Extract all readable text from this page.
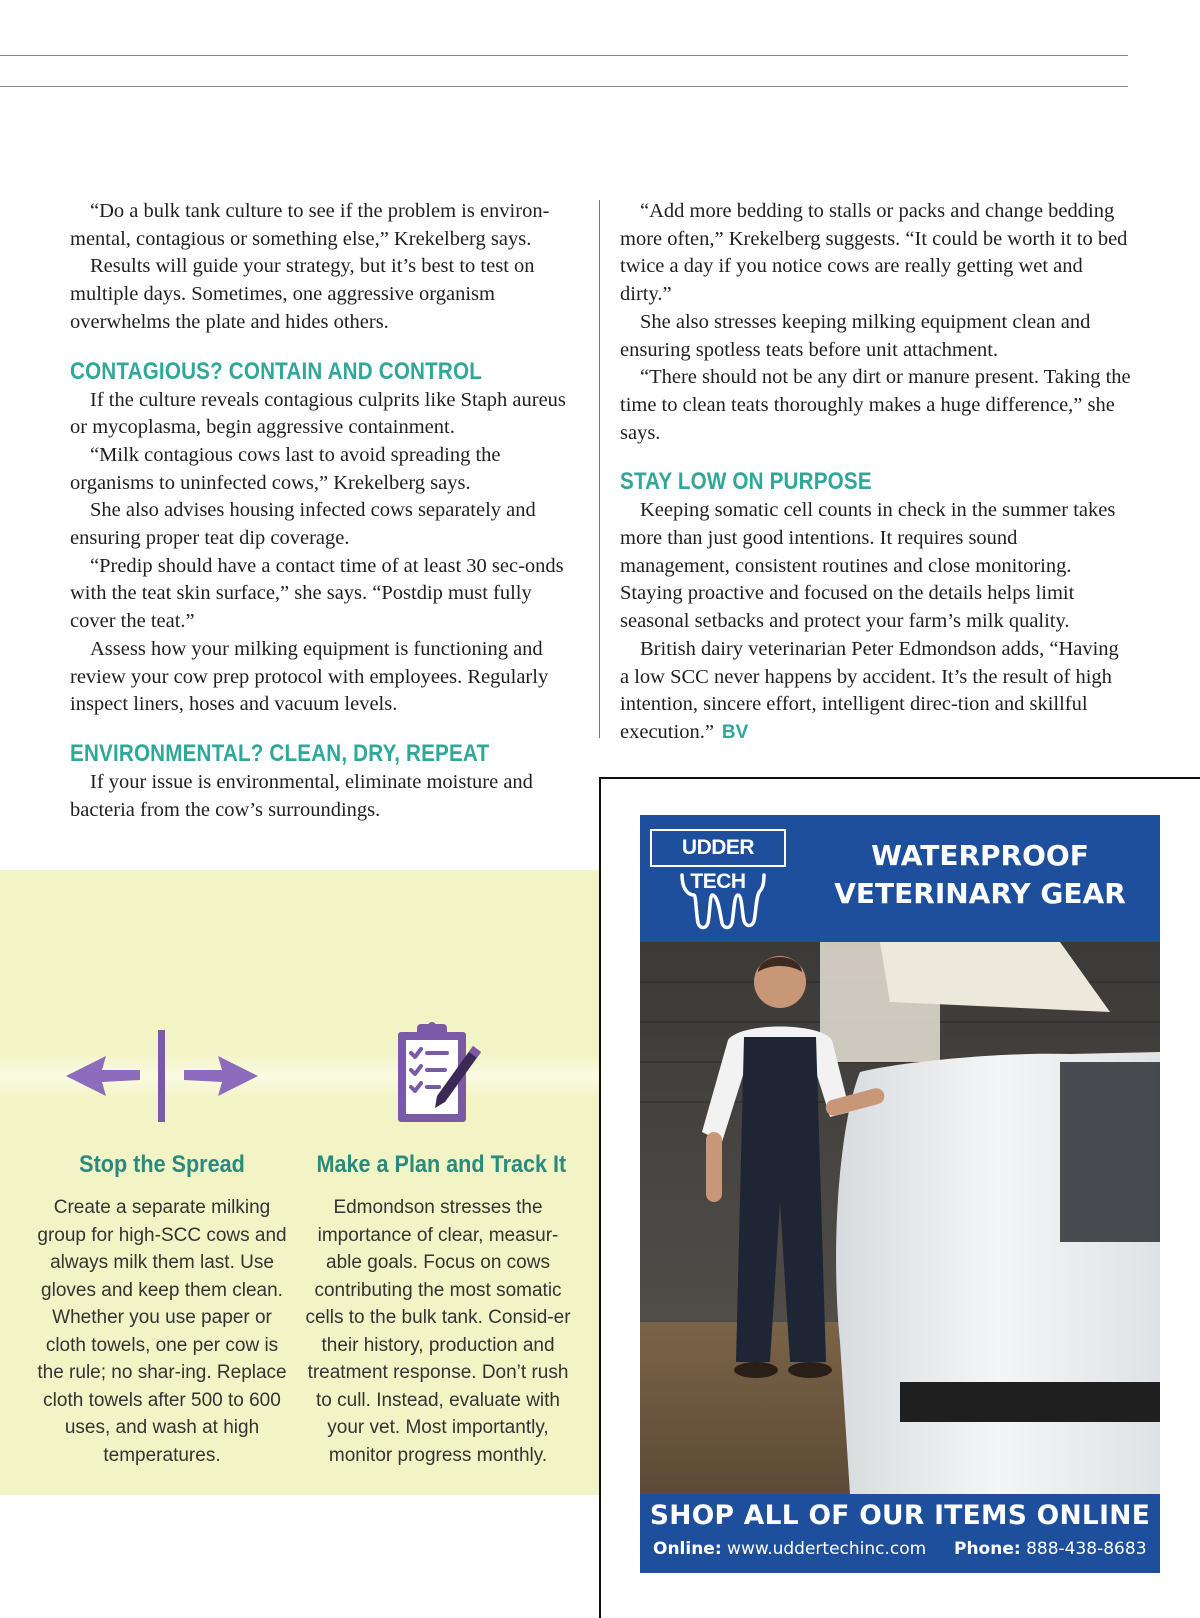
“Do a bulk tank culture to see if the problem is environ-mental, contagious or something else,” Krekelberg says.

Results will guide your strategy, but it’s best to test on multiple days. Sometimes, one aggressive organism overwhelms the plate and hides others.

CONTAGIOUS? CONTAIN AND CONTROL

If the culture reveals contagious culprits like Staph aureus or mycoplasma, begin aggressive containment.

“Milk contagious cows last to avoid spreading the organisms to uninfected cows,” Krekelberg says.

She also advises housing infected cows separately and ensuring proper teat dip coverage.

“Predip should have a contact time of at least 30 sec-onds with the teat skin surface,” she says. “Postdip must fully cover the teat.”

Assess how your milking equipment is functioning and review your cow prep protocol with employees. Regularly inspect liners, hoses and vacuum levels.

ENVIRONMENTAL? CLEAN, DRY, REPEAT

If your issue is environmental, eliminate moisture and bacteria from the cow’s surroundings.

“Add more bedding to stalls or packs and change bedding more often,” Krekelberg suggests. “It could be worth it to bed twice a day if you notice cows are really getting wet and dirty.”

She also stresses keeping milking equipment clean and ensuring spotless teats before unit attachment.

“There should not be any dirt or manure present. Taking the time to clean teats thoroughly makes a huge difference,” she says.

STAY LOW ON PURPOSE

Keeping somatic cell counts in check in the summer takes more than just good intentions. It requires sound management, consistent routines and close monitoring. Staying proactive and focused on the details helps limit seasonal setbacks and protect your farm’s milk quality.

British dairy veterinarian Peter Edmondson adds, “Having a low SCC never happens by accident. It’s the result of high intention, sincere effort, intelligent direc-tion and skillful execution.” BV

Stop the Spread

Create a separate milking group for high-SCC cows and always milk them last. Use gloves and keep them clean. Whether you use paper or cloth towels, one per cow is the rule; no shar-ing. Replace cloth towels after 500 to 600 uses, and wash at high temperatures.

Make a Plan and Track It

Edmondson stresses the importance of clear, measur-able goals. Focus on cows contributing the most somatic cells to the bulk tank. Consid-er their history, production and treatment response. Don’t rush to cull. Instead, evaluate with your vet. Most importantly, monitor progress monthly.

UDDER TECH
WATERPROOF
VETERINARY GEAR
SHOP ALL OF OUR ITEMS ONLINE
Online: www.uddertechinc.com Phone: 888-438-8683
